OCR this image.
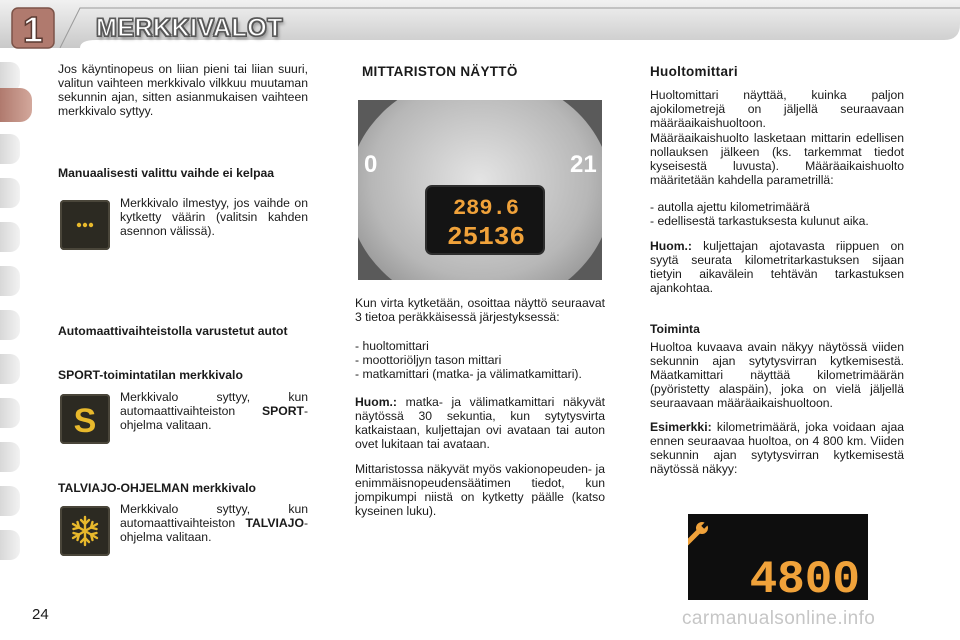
1 MERKKIVALOT
Jos käyntinopeus on liian pieni tai liian suuri, valitun vaihteen merkkivalo vilkkuu muutaman sekunnin ajan, sitten asianmukaisen vaihteen merkkivalo syttyy.
Manuaalisesti valittu vaihde ei kelpaa
Merkkivalo ilmestyy, jos vaihde on kytketty väärin (valitsin kahden asennon välissä).
Automaattivaihteistolla varustetut autot
SPORT-toimintatilan merkkivalo
S
Merkkivalo syttyy, kun automaattivaihteiston SPORT-ohjelma valitaan.
TALVIAJO-OHJELMAN merkkivalo
Merkkivalo syttyy, kun automaattivaihteiston TALVIAJO-ohjelma valitaan.
MITTARISTON NÄYTTÖ
0	21
289.6
25136
Kun virta kytketään, osoittaa näyttö seuraavat 3 tietoa peräkkäisessä järjestyksessä:
- huoltomittari
- moottoriöljyn tason mittari
- matkamittari (matka- ja välimatkamittari).
Huom.: matka- ja välimatkamittari näkyvät näytössä 30 sekuntia, kun sytytysvirta katkaistaan, kuljettajan ovi avataan tai auton ovet lukitaan tai avataan.
Mittaristossa näkyvät myös vakionopeuden- ja enimmäisnopeudensäätimen tiedot, kun jompikumpi niistä on kytketty päälle (katso kyseinen luku).
Huoltomittari
Huoltomittari näyttää, kuinka paljon ajokilometrejä on jäljellä seuraavaan määräaikaishuoltoon.
Määräaikaishuolto lasketaan mittarin edellisen nollauksen jälkeen (ks. tarkemmat tiedot kyseisestä luvusta). Määräaikaishuolto määritetään kahdella parametrillä:
- autolla ajettu kilometrimäärä
- edellisestä tarkastuksesta kulunut aika.
Huom.: kuljettajan ajotavasta riippuen on syytä seurata kilometritarkastuksen sijaan tietyin aikavälein tehtävän tarkastuksen ajankohtaa.
Toiminta
Huoltoa kuvaava avain näkyy näytössä viiden sekunnin ajan sytytysvirran kytkemisestä. Mäatkamittari näyttää kilometrimäärän (pyöristetty alaspäin), joka on vielä jäljellä seuraavaan määräaikaishuoltoon.
Esimerkki: kilometrimäärä, joka voidaan ajaa ennen seuraavaa huoltoa, on 4 800 km. Viiden sekunnin ajan sytytysvirran kytkemisestä näytössä näkyy:
4800
24	carmanualsonline.info
